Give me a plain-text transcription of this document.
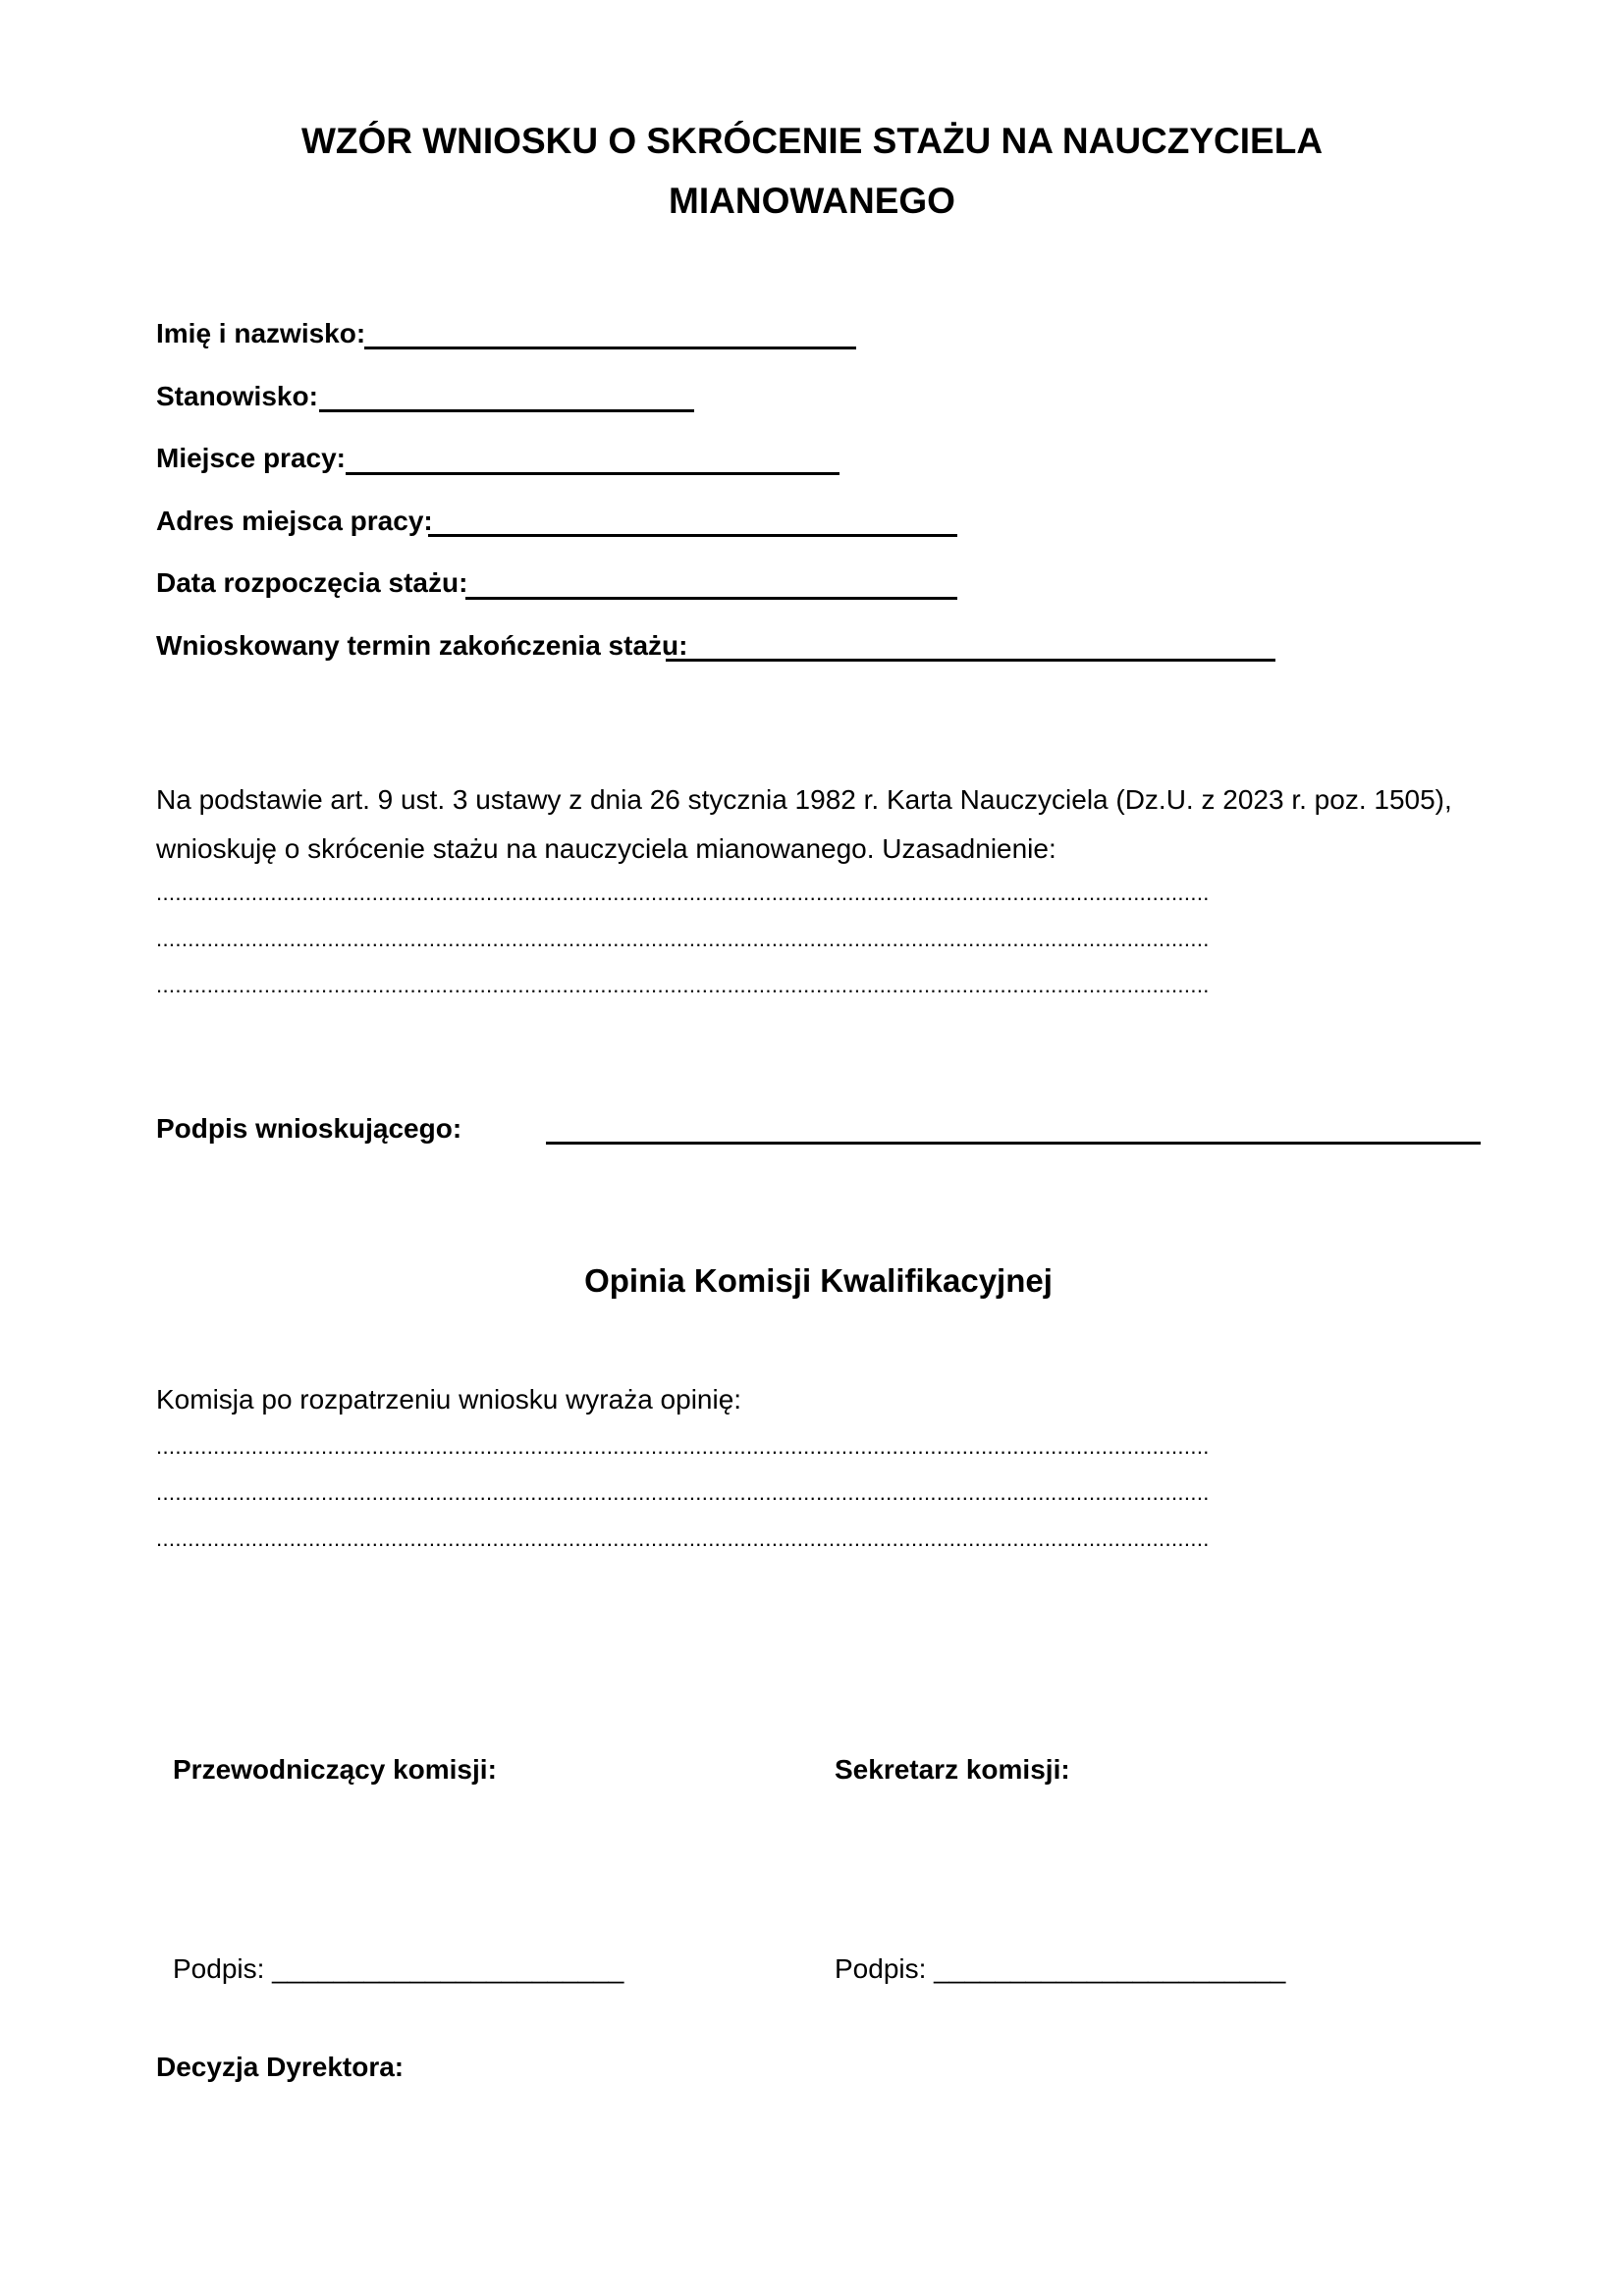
WZÓR WNIOSKU O SKRÓCENIE STAŻU NA NAUCZYCIELA
MIANOWANEGO
Imię i nazwisko:
Stanowisko:
Miejsce pracy:
Adres miejsca pracy:
Data rozpoczęcia stażu:
Wnioskowany termin zakończenia stażu:
Na podstawie art. 9 ust. 3 ustawy z dnia 26 stycznia 1982 r. Karta Nauczyciela (Dz.U. z 2023 r. poz. 1505),
wnioskuję o skrócenie stażu na nauczyciela mianowanego. Uzasadnienie:
......................................................................................................................................................................
......................................................................................................................................................................
......................................................................................................................................................................
Podpis wnioskującego:
Opinia Komisji Kwalifikacyjnej
Komisja po rozpatrzeniu wniosku wyraża opinię:
......................................................................................................................................................................
......................................................................................................................................................................
......................................................................................................................................................................
Przewodniczący komisji:	Sekretarz komisji:
Podpis: _______________________	Podpis: _______________________
Decyzja Dyrektora:
